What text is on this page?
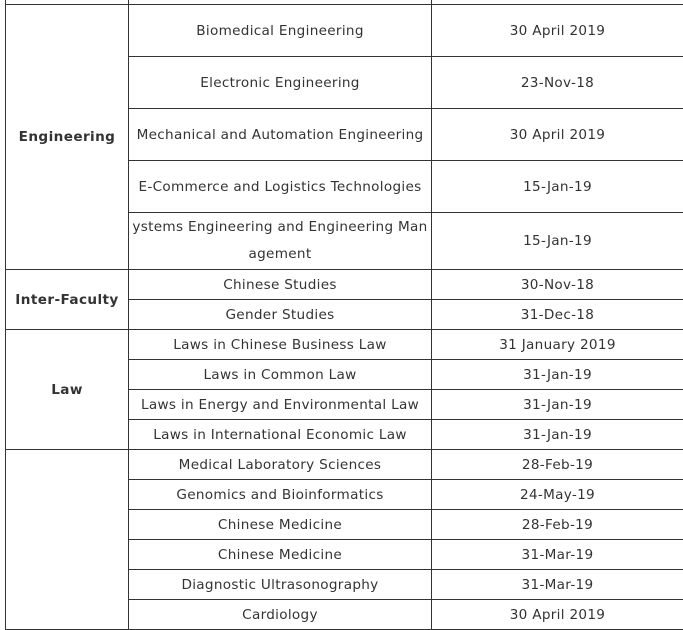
Engineering	Biomedical Engineering	30 April 2019
	Electronic Engineering	23-Nov-18
	Mechanical and Automation Engineering	30 April 2019
	E-Commerce and Logistics Technologies	15-Jan-19
	ystems Engineering and Engineering Management	15-Jan-19
Inter-Faculty	Chinese Studies	30-Nov-18
	Gender Studies	31-Dec-18
Law	Laws in Chinese Business Law	31 January 2019
	Laws in Common Law	31-Jan-19
	Laws in Energy and Environmental Law	31-Jan-19
	Laws in International Economic Law	31-Jan-19
	Medical Laboratory Sciences	28-Feb-19
	Genomics and Bioinformatics	24-May-19
	Chinese Medicine	28-Feb-19
	Chinese Medicine	31-Mar-19
	Diagnostic Ultrasonography	31-Mar-19
	Cardiology	30 April 2019
